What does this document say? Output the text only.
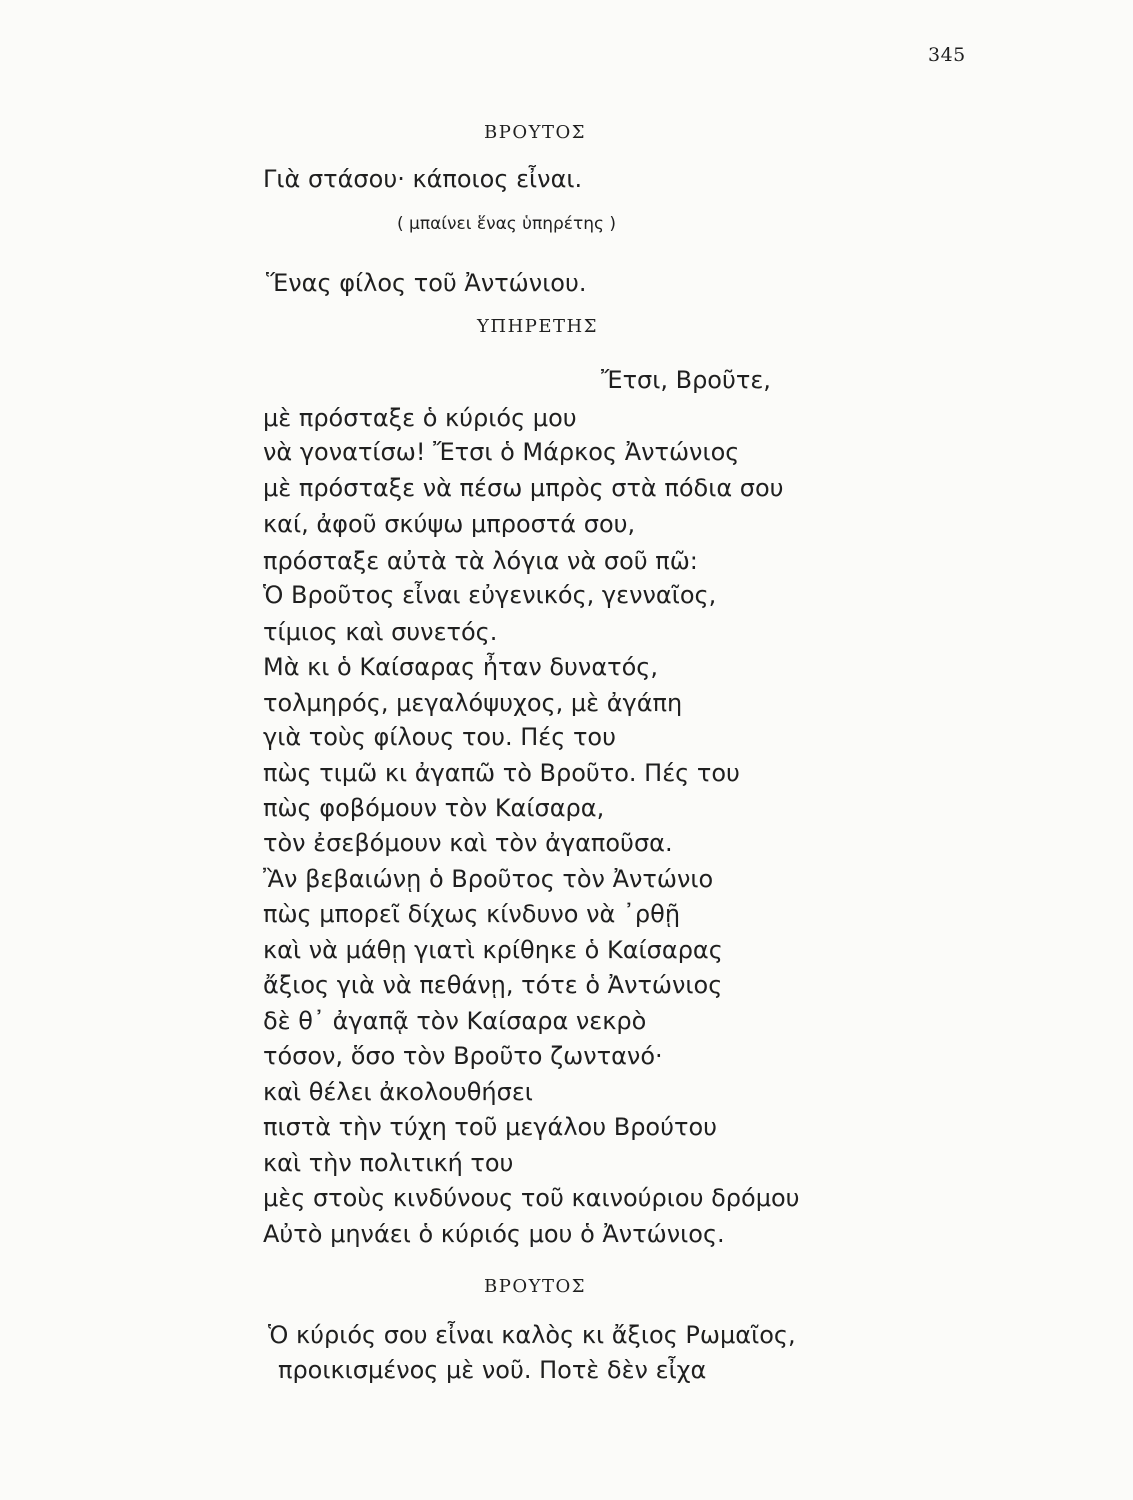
345
ΒΡΟΥΤΟΣ
Γιὰ στάσου· κάποιος εἶναι.
( μπαίνει ἕνας ὑπηρέτης )
Ἕνας φίλος τοῦ Ἀντώνιου.
ΥΠΗΡΕΤΗΣ
Ἔτσι, Βροῦτε,
μὲ πρόσταξε ὁ κύριός μου
νὰ γονατίσω! Ἔτσι ὁ Μάρκος Ἀντώνιος
μὲ πρόσταξε νὰ πέσω μπρὸς στὰ πόδια σου
καί, ἀφοῦ σκύψω μπροστά σου,
πρόσταξε αὐτὰ τὰ λόγια νὰ σοῦ πῶ:
Ὁ Βροῦτος εἶναι εὐγενικός, γενναῖος,
τίμιος καὶ συνετός.
Μὰ κι ὁ Καίσαρας ἦταν δυνατός,
τολμηρός, μεγαλόψυχος, μὲ ἀγάπη
γιὰ τοὺς φίλους του. Πές του
πὼς τιμῶ κι ἀγαπῶ τὸ Βροῦτο. Πές του
πὼς φοβόμουν τὸν Καίσαρα,
τὸν ἐσεβόμουν καὶ τὸν ἀγαποῦσα.
Ἂν βεβαιώνῃ ὁ Βροῦτος τὸν Ἀντώνιο
πὼς μπορεῖ δίχως κίνδυνο νὰ ᾿ρθῇ
καὶ νὰ μάθῃ γιατὶ κρίθηκε ὁ Καίσαρας
ἄξιος γιὰ νὰ πεθάνῃ, τότε ὁ Ἀντώνιος
δὲ θ᾿ ἀγαπᾷ τὸν Καίσαρα νεκρὸ
τόσον, ὅσο τὸν Βροῦτο ζωντανό·
καὶ θέλει ἀκολουθήσει
πιστὰ τὴν τύχη τοῦ μεγάλου Βρούτου
καὶ τὴν πολιτική του
μὲς στοὺς κινδύνους τοῦ καινούριου δρόμου
Αὐτὸ μηνάει ὁ κύριός μου ὁ Ἀντώνιος.
ΒΡΟΥΤΟΣ
Ὁ κύριός σου εἶναι καλὸς κι ἄξιος Ρωμαῖος,
προικισμένος μὲ νοῦ. Ποτὲ δὲν εἶχα
